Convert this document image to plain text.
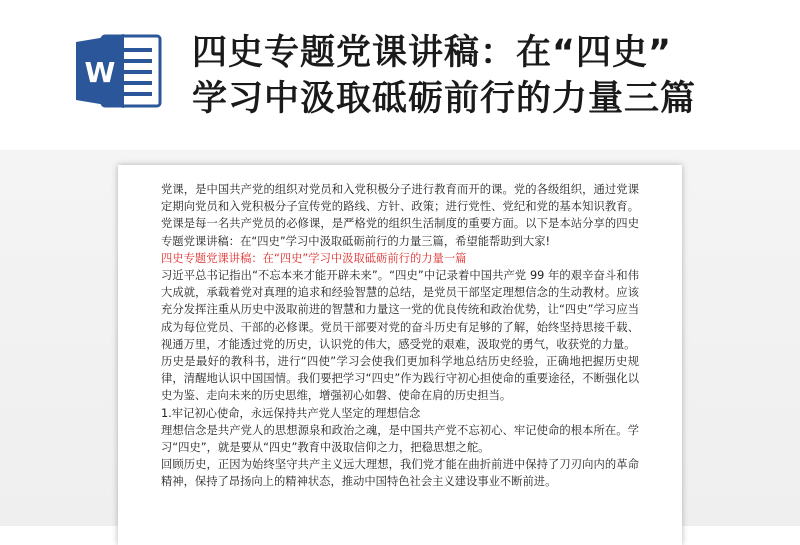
W 四史专题党课讲稿：在“四史”
学习中汲取砥砺前行的力量三篇

党课，是中国共产党的组织对党员和入党积极分子进行教育而开的课。党的各级组织，通过党课定期向党员和入党积极分子宣传党的路线、方针、政策；进行党性、党纪和党的基本知识教育。党课是每一名共产党员的必修课，是严格党的组织生活制度的重要方面。以下是本站分享的四史专题党课讲稿：在“四史”学习中汲取砥砺前行的力量三篇，希望能帮助到大家!

四史专题党课讲稿：在“四史”学习中汲取砥砺前行的力量一篇

习近平总书记指出“不忘本来才能开辟未来”。“四史”中记录着中国共产党 99 年的艰辛奋斗和伟大成就，承载着党对真理的追求和经验智慧的总结，是党员干部坚定理想信念的生动教材。应该充分发挥注重从历史中汲取前进的智慧和力量这一党的优良传统和政治优势，让“四史”学习应当成为每位党员、干部的必修课。党员干部要对党的奋斗历史有足够的了解，始终坚持思接千载、视通万里，才能透过党的历史，认识党的伟大，感受党的艰难，汲取党的勇气，收获党的力量。

历史是最好的教科书，进行“四使”学习会使我们更加科学地总结历史经验，正确地把握历史规律，清醒地认识中国国情。我们要把学习“四史”作为践行守初心担使命的重要途径，不断强化以史为鉴、走向未来的历史思维，增强初心如磐、使命在肩的历史担当。

1.牢记初心使命，永远保持共产党人坚定的理想信念

理想信念是共产党人的思想源泉和政治之魂，是中国共产党不忘初心、牢记使命的根本所在。学习“四史”，就是要从“四史”教育中汲取信仰之力，把稳思想之舵。

回顾历史，正因为始终坚守共产主义远大理想，我们党才能在曲折前进中保持了刀刃向内的革命精神，保持了昂扬向上的精神状态，推动中国特色社会主义建设事业不断前进。
